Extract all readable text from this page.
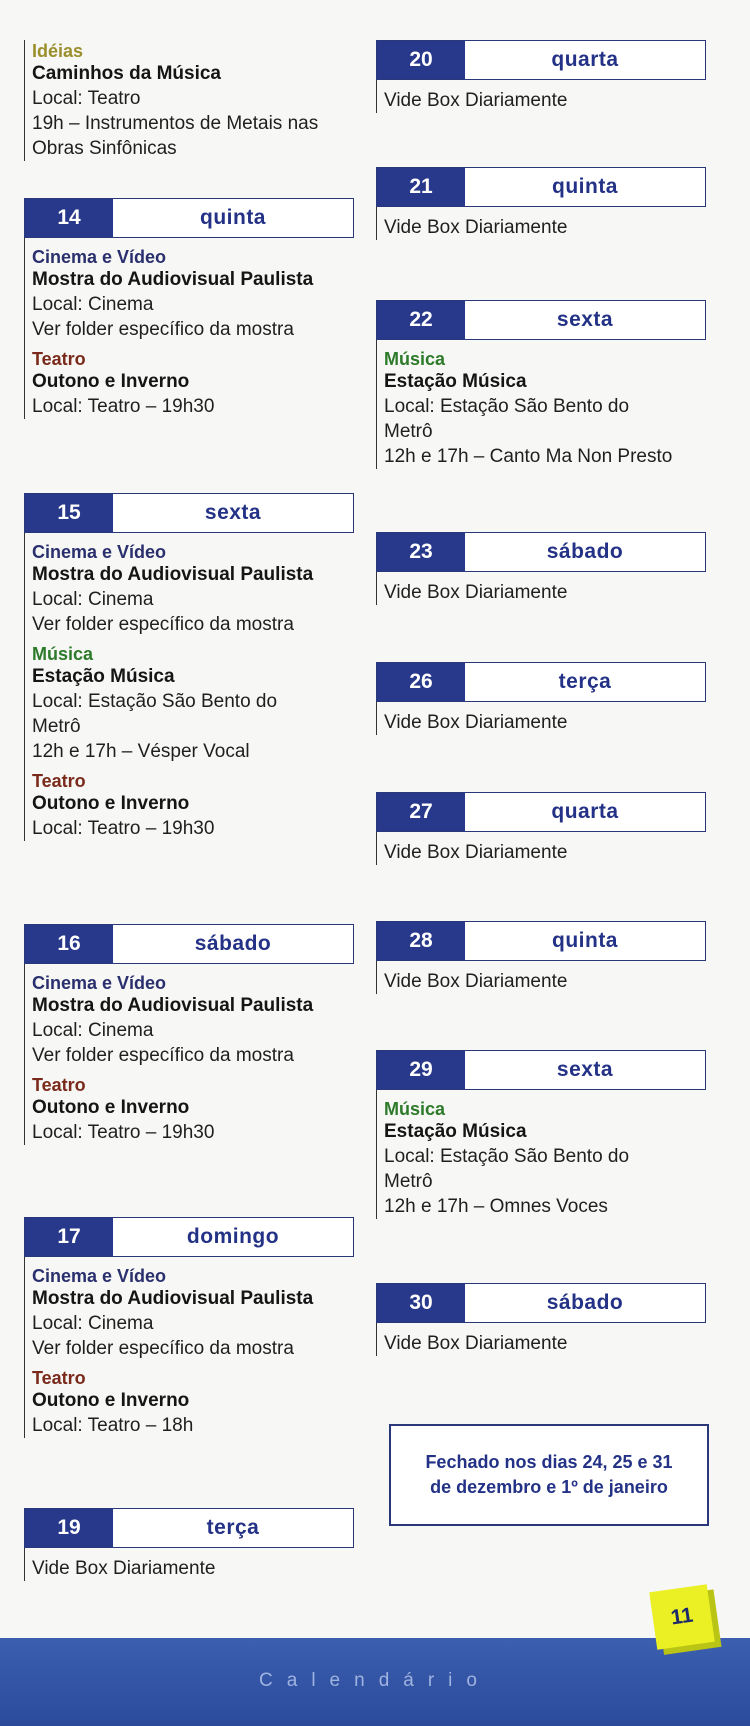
Idéias
Caminhos da Música
Local: Teatro
19h – Instrumentos de Metais nas
Obras Sinfônicas
14	quinta
Cinema e Vídeo
Mostra do Audiovisual Paulista
Local: Cinema
Ver folder específico da mostra
Teatro
Outono e Inverno
Local: Teatro – 19h30
15	sexta
Cinema e Vídeo
Mostra do Audiovisual Paulista
Local: Cinema
Ver folder específico da mostra
Música
Estação Música
Local: Estação São Bento do
Metrô
12h e 17h – Vésper Vocal
Teatro
Outono e Inverno
Local: Teatro – 19h30
16	sábado
Cinema e Vídeo
Mostra do Audiovisual Paulista
Local: Cinema
Ver folder específico da mostra
Teatro
Outono e Inverno
Local: Teatro – 19h30
17	domingo
Cinema e Vídeo
Mostra do Audiovisual Paulista
Local: Cinema
Ver folder específico da mostra
Teatro
Outono e Inverno
Local: Teatro – 18h
19	terça
Vide Box Diariamente
20	quarta
Vide Box Diariamente
21	quinta
Vide Box Diariamente
22	sexta
Música
Estação Música
Local: Estação São Bento do
Metrô
12h e 17h – Canto Ma Non Presto
23	sábado
Vide Box Diariamente
26	terça
Vide Box Diariamente
27	quarta
Vide Box Diariamente
28	quinta
Vide Box Diariamente
29	sexta
Música
Estação Música
Local: Estação São Bento do
Metrô
12h e 17h – Omnes Voces
30	sábado
Vide Box Diariamente
Fechado nos dias 24, 25 e 31
de dezembro e 1º de janeiro
Calendário
11
